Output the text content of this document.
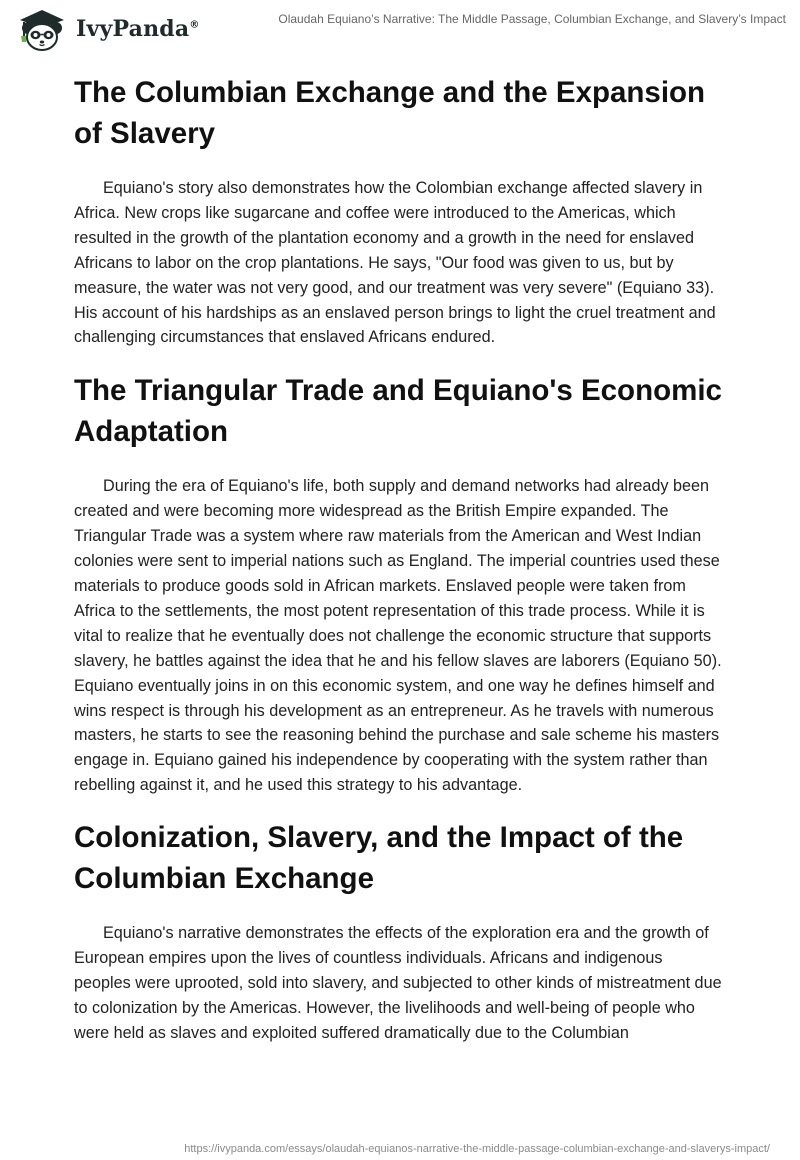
IvyPanda®	Olaudah Equiano’s Narrative: The Middle Passage, Columbian Exchange, and Slavery’s Impact
The Columbian Exchange and the Expansion of Slavery

Equiano's story also demonstrates how the Colombian exchange affected slavery in Africa. New crops like sugarcane and coffee were introduced to the Americas, which resulted in the growth of the plantation economy and a growth in the need for enslaved Africans to labor on the crop plantations. He says, "Our food was given to us, but by measure, the water was not very good, and our treatment was very severe" (Equiano 33). His account of his hardships as an enslaved person brings to light the cruel treatment and challenging circumstances that enslaved Africans endured.

The Triangular Trade and Equiano's Economic Adaptation

During the era of Equiano's life, both supply and demand networks had already been created and were becoming more widespread as the British Empire expanded. The Triangular Trade was a system where raw materials from the American and West Indian colonies were sent to imperial nations such as England. The imperial countries used these materials to produce goods sold in African markets. Enslaved people were taken from Africa to the settlements, the most potent representation of this trade process. While it is vital to realize that he eventually does not challenge the economic structure that supports slavery, he battles against the idea that he and his fellow slaves are laborers (Equiano 50). Equiano eventually joins in on this economic system, and one way he defines himself and wins respect is through his development as an entrepreneur. As he travels with numerous masters, he starts to see the reasoning behind the purchase and sale scheme his masters engage in. Equiano gained his independence by cooperating with the system rather than rebelling against it, and he used this strategy to his advantage.

Colonization, Slavery, and the Impact of the Columbian Exchange

Equiano's narrative demonstrates the effects of the exploration era and the growth of European empires upon the lives of countless individuals. Africans and indigenous peoples were uprooted, sold into slavery, and subjected to other kinds of mistreatment due to colonization by the Americas. However, the livelihoods and well-being of people who were held as slaves and exploited suffered dramatically due to the Columbian

https://ivypanda.com/essays/olaudah-equianos-narrative-the-middle-passage-columbian-exchange-and-slaverys-impact/
